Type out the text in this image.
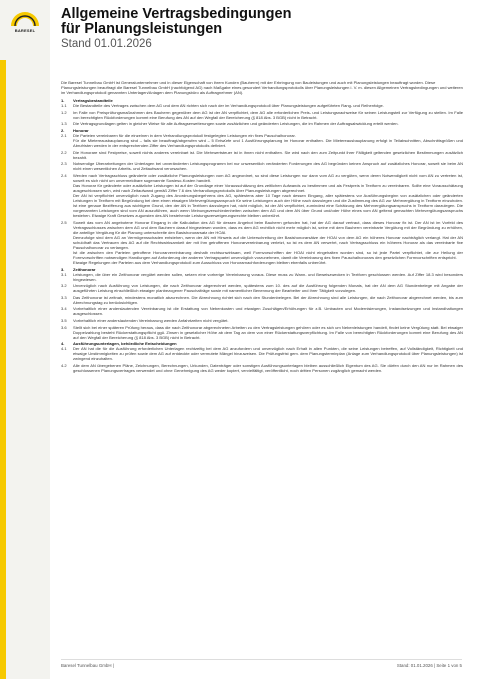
BARESEL
Allgemeine Vertragsbedingungen
für Planungsleistungen
Stand 01.01.2026

Die Baresel Tunnelbau GmbH ist Generalunternehmer und in dieser Eigenschaft von ihrem Kunden (Bauherrn) mit der Erbringung von Bauleistungen und auch mit Planungsleistungen beauftragt worden. Diese Planungsleistungen beauftragt die Baresel Tunnelbau GmbH (nachfolgend AG) nach Maßgabe eines gesondert Verhandlungsprotokolls über Planungsleistungen i. V. m. diesen Allgemeinen Vertragsbedingungen und weiteren im Verhandlungsprotokoll genannten Unterlagen/Anlagen dem Planungsbüro als Auftragnehmer (AN).

1.	Vertragsbestandteile
1.1	Die Bestandteile des Vertrages zwischen dem AG und dem AN richten sich nach der im Verhandlungsprotokoll über Planungsleistungen aufgeführten Rang- und Reihenfolge.
1.2	Im Falle von Preisprüfungsmaßnahmen des Bauherrn gegenüber dem AG ist der AN verpflichtet, dem AG alle erforderlichen Preis- und Leistungsnachweise für seinen Leistungsteil zur Verfügung zu stellen. Im Falle von berechtigten Rückforderungen kommt eine Berufung des AN auf den Wegfall der Bereicherung (§ 818 Abs. 3 BGB) nicht in Betracht.
1.3	Die Vertragsgrundlagen gelten in gleicher Weise für alle Auftragserweiterungen sowie zusätzlichen und geänderten Leistungen, die im Rahmen der Auftragsabwicklung erteilt werden.
2.	Honorar
2.1	Die Parteien vereinbaren für die einzelnen in dem Verhandlungsprotokoll festgelegten Leistungen ein fixes Pauschalhonorar.
Für die Mietereausbauplanung sind – falls sie beauftragt/abgerufen wird – 5 Entwürfe und 1 Ausführungsplanung im Honorar enthalten. Die Mietereausbauplanung erfolgt in Teilabschnitten, Abschnittsgrößen und Abrufristen werden in der entsprechenden Ziffer des Verhandlungsprotokolls definiert.
2.2	Die Honorare sind Festpreise, soweit nichts anderes vereinbart ist. Die Mehrwertsteuer ist in ihnen nicht enthalten. Sie wird nach den zum Zeitpunkt ihrer Fälligkeit geltenden gesetzlichen Bestimmungen zusätzlich bezahlt.
2.3	Notwendige Überarbeitungen der Unterlagen bei unveränderten Leistungsprogramm bei nur unwesentlich veränderten Forderungen des AG begründen keinen Anspruch auf zusätzliches Honorar, soweit sie beim AN nicht einen wesentlichen Arbeits- und Zeitaufwand verursachen.
2.4	Werden nach Vertragsschluss geänderte oder zusätzliche Planungsleistungen vom AG angeordnet, so sind diese Leistungen nur dann vom AG zu vergüten, wenn deren Notwendigkeit nicht vom AN zu vertreten ist, soweit es sich nicht um unvermeidbare sogenannte Sowieso-Kosten handelt.
Das Honorar für geänderte oder zusätzliche Leistungen ist auf der Grundlage einer Vorausschätzung des zeitlichen Aufwands zu bestimmen und als Festpreis in Textform zu vereinbaren. Sollte eine Vorausschätzung ausgeschlossen sein, wird nach Zeitaufwand gemäß Ziffer 7.6 des Verhandlungsprotokolls über Planungsleistungen abgerechnet.
Der AN ist verpflichtet unverzüglich nach Zugang des Anordnungsbegehrens des AG, spätestens aber 10 Tage nach dessen Eingang, aller spätestens vor Ausführungsbeginn von zusätzlichen oder geänderten Leistungen in Textform mit Begründung bei dem einen etwaigen Mehrvergütungsanspruch für seine Leistungen auch der Höhe nach darzulegen und die Zustimmung des AG zur Mehrvergütung in Textform einzuholen. Ist eine genaue Bezifferung aus wichtigem Grund, den der AN in Textform darzulegen hat, nicht möglich, ist der AN verpflichtet, zumindest eine Schätzung des Mehrvergütungsanspruchs in Textform darzulegen. Die vorgenannten Leistungen sind vom AN auszuführen, auch wenn Meinungsverschiedenheiten zwischen dem AG und dem AN über Grund und/oder Höhe eines vom AN geltend gemachten Mehrvergütungsanspruchs bestehen. Etwaige Kraft Gesetzes zugunsten des AN bestehende Leistungsverweigerungsrechte bleiben unberührt.
2.5	Soweit das vom AN angebotene Honorar Eingang in die Kalkulation des AG für dessen Angebot beim Bauherrn gefunden hat, hat der AG darauf vertraut, dass dieses Honorar fix ist. Der AN ist im Vorfeld des Vertragsschlusses zwischen dem AG und dem Bauherrn darauf hingewiesen worden, dass es dem AG rechtlich nicht mehr möglich ist, seine mit dem Bauherrn vereinbarte Vergütung mit der Begründung zu erhöhen, die anteilige Vergütung für die Planung unterschreite den Basishonorarsatz der HOAI.
Demzufolge sind dem AG an Vermögensschaden entstehen, wenn der AN mit Hinweis auf die Unterschreitung der Basishonorarsätze der HOAI von dem AG ein höheres Honorar nachträglich verlangt. Hat der AN schuldhaft das Vertrauen des AG auf die Rechtswirksamkeit der mit ihm getroffenen Honorarvereinbarung verletzt, so ist es dem AN verwehrt, nach Vertragsschluss ein höheres Honorar als das vereinbarte fixe Pauschalhonorar zu verlangen.
Ist die zwischen den Parteien getroffene Honorarvereinbarung deshalb rechtsunwirksam, weil Formvorschriften der HOAI nicht eingehalten worden sind, so ist jede Partei verpflichtet, die zur Heilung der Formvorschriften notwendigen Handlungen auf Anforderung der anderen Vertragspartei unverzüglich vorzunehmen, damit die Vereinbarung des fixen Pauschalhonorars den gesetzlichen Formvorschriften entspricht.
Etwaige Regelungen der Parteien aus dem Verhandlungsprotokoll zum Ausschluss von Honorarnachforderungen bleiben ebenfalls unberührt.
3.	Zeithonorar
3.1	Leistungen, die über ein Zeithonorar vergütet werden sollen, setzen eine vorherige Vereinbarung voraus. Diese muss zu Wann- und Beweiszwecken in Textform geschlossen werden. Auf Ziffer 18.3 wird besonders hingewiesen.
3.2	Unverzüglich nach Ausführung von Leistungen, die nach Zeithonorar abgerechnet werden, spätestens zum 10. des auf die Ausführung folgenden Monats, hat der AN dem AG Stundenbelege mit Angabe der ausgeführten Leistung einschließlich etwaiger planbezogener Pauschalträge sowie mit namentlicher Benennung der Bearbeiter und ihrer Tätigkeit vorzulegen.
3.3	Das Zeithonorar ist zeitnah, mindestens monatlich abzurechnen. Die Abrechnung richtet sich nach den Stundenbelegen. Bei der Abrechnung sind alle Leistungen, die nach Zeithonorar abgerechnet werden, bis zum Abrechnungstag zu berücksichtigen.
3.4	Vorbehaltlich einer anderslautenden Vereinbarung ist die Erstattung von Nebenkosten und etwaigen Zuschlägen/Erhöhungen für z.B. Umbauten und Modernisierungen, Instandsetzungen und Instandhaltungen ausgeschlossen.
3.5	Vorbehaltlich einer anderslautenden Vereinbarung werden Anfahrtzeiten nicht vergütet.
3.6	Stellt sich bei einer späteren Prüfung heraus, dass die nach Zeithonorar abgerechneten Arbeiten zu den Vertragsleistungen gehören oder es sich um Nebenleistungen handelt, findet keine Vergütung statt. Bei etwaiger Doppelzahlung besteht Rückerstattungspflicht ggü. Zinsen in gesetzlicher Höhe ab dem Tag an dem von einer Rückerstattungsverpflichtung. Im Falle von berechtigten Rückforderungen kommt eine Berufung des AN auf den Wegfall der Bereicherung (§ 818 Abs. 3 BGB) nicht in Betracht.
4.	Ausführungsunterlagen, behördliche Entscheidungen
4.1	Der AN hat die für die Ausführung erforderlichen Unterlagen rechtzeitig bei dem AG anzufordern und unverzüglich nach Erhalt in allen Punkten, die seine Leistungen betreffen, auf Vollständigkeit, Richtigkeit und etwaige Unstimmigkeiten zu prüfen sowie dem AG auf entdeckte oder vermutete Mängel hinzuweisen. Die Prüfungsfrist gem. dem Planungsterminplan (Anlage zum Verhandlungsprotokoll über Planungsleistungen) ist zwingend einzuhalten.
4.2	Alle dem AN übergebenen Pläne, Zeichnungen, Berechnungen, Urkunden, Datenträger oder sonstigen Ausführungsunterlagen bleiben ausschließlich Eigentum des AG. Sie dürfen durch den AN nur im Rahmen des geschlossenen Planungsvertrages verwendet und ohne Genehmigung des AG weder kopiert, vervielfältigt, veröffentlicht, noch dritten Personen zugänglich gemacht werden.
Baresel Tunnelbau GmbH |	Stand: 01.01.2026 | Seite 1 von 5
